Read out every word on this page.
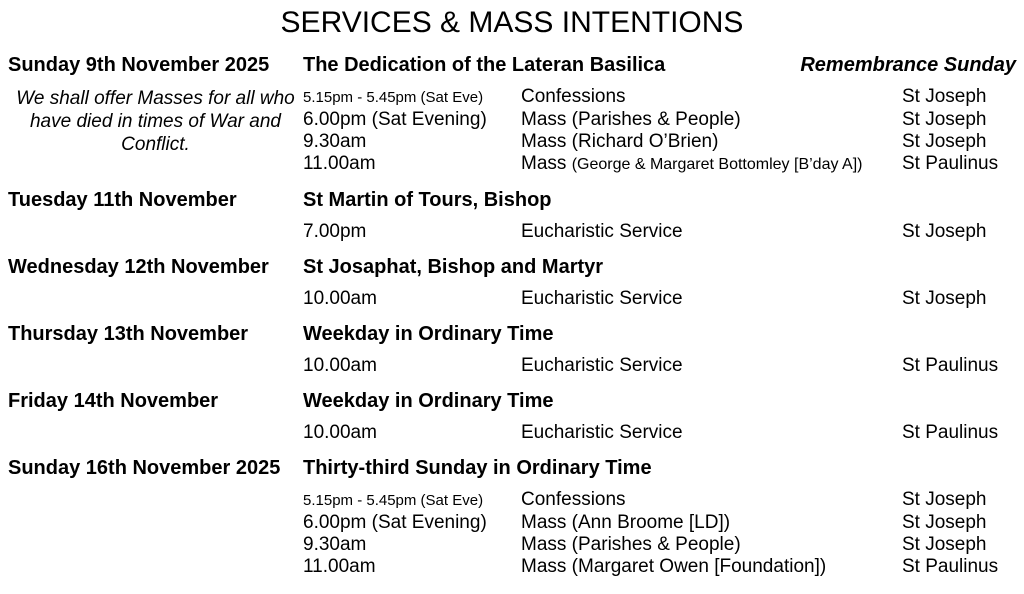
SERVICES & MASS INTENTIONS
Sunday 9th November 2025	The Dedication of the Lateran Basilica	Remembrance Sunday
We shall offer Masses for all who have died in times of War and Conflict.
5.15pm - 5.45pm (Sat Eve)	Confessions	St Joseph
6.00pm (Sat Evening)	Mass (Parishes & People)	St Joseph
9.30am	Mass (Richard O’Brien)	St Joseph
11.00am	Mass (George & Margaret Bottomley [B’day A])	St Paulinus
Tuesday 11th November	St Martin of Tours, Bishop
7.00pm	Eucharistic Service	St Joseph
Wednesday 12th November	St Josaphat, Bishop and Martyr
10.00am	Eucharistic Service	St Joseph
Thursday 13th November	Weekday in Ordinary Time
10.00am	Eucharistic Service	St Paulinus
Friday 14th November	Weekday in Ordinary Time
10.00am	Eucharistic Service	St Paulinus
Sunday 16th November 2025	Thirty-third Sunday in Ordinary Time
5.15pm - 5.45pm (Sat Eve)	Confessions	St Joseph
6.00pm (Sat Evening)	Mass (Ann Broome [LD])	St Joseph
9.30am	Mass (Parishes & People)	St Joseph
11.00am	Mass (Margaret Owen [Foundation])	St Paulinus
